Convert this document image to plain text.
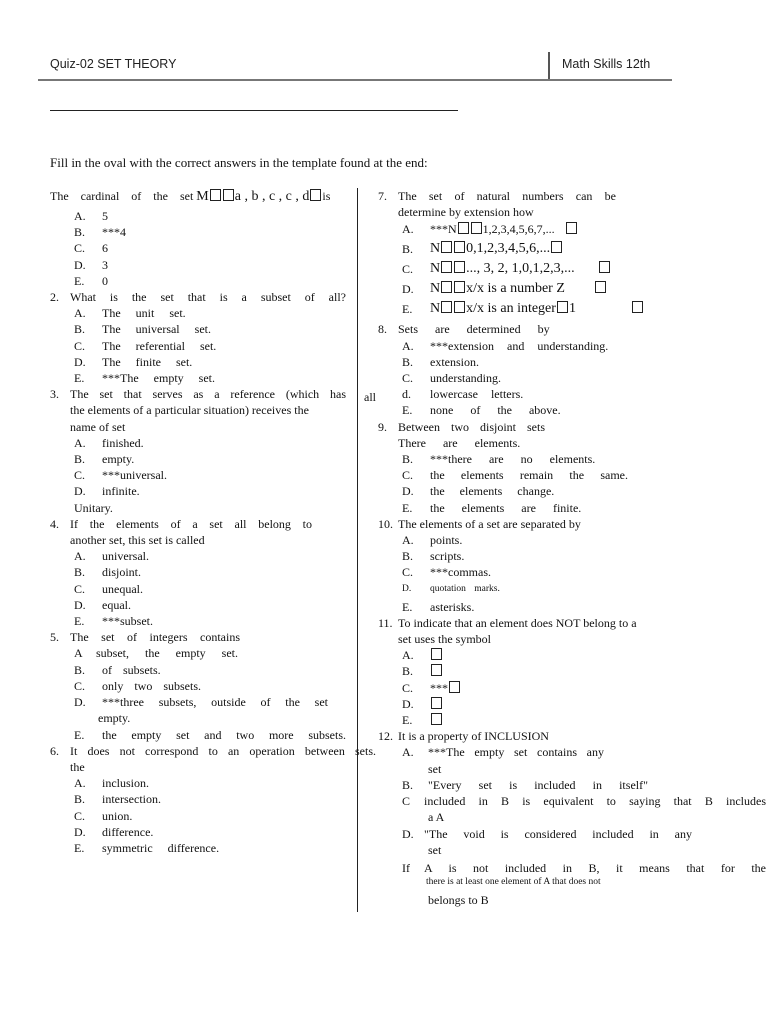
Quiz-02 SET THEORY	Math Skills 12th
Fill in the oval with the correct answers in the template found at the end:
The cardinal of the set M a , b , c , c , d is
A. 5
B. ***4
C. 6
D. 3
E. 0
2. What is the set that is a subset of all?
A. The unit set.
B. The universal set.
C. The referential set.
D. The finite set.
E. ***The empty set.
3. The set that serves as a reference (which has
the elements of a particular situation) receives the
name of set
A. finished.
B. empty.
C. ***universal.
D. infinite.
Unitary.
4. If the elements of a set all belong to
another set, this set is called
A. universal.
B. disjoint.
C. unequal.
D. equal.
E. ***subset.
5. The set of integers contains
A subset, the empty set.
B. of subsets.
C. only two subsets.
D. ***three subsets, outside of the set
empty.
E. the empty set and two more subsets.
6. It does not correspond to an operation between sets.
the
A. inclusion.
B. intersection.
C. union.
D. difference.
E. symmetric difference.
all
7. The set of natural numbers can be
determine by extension how
A. ***N 1,2,3,4,5,6,7,...
B. N 0,1,2,3,4,5,6,...
C. N ..., 3, 2, 1,0,1,2,3,...
D. N x/x is a number Z
E. N x/x is an integer 1
8. Sets are determined by
A. ***extension and understanding.
B. extension.
C. understanding.
d. lowercase letters.
E. none of the above.
9. Between two disjoint sets
There are elements.
B. ***there are no elements.
C. the elements remain the same.
D. the elements change.
E. the elements are finite.
10. The elements of a set are separated by
A. points.
B. scripts.
C. ***commas.
D. quotation marks.
E. asterisks.
11. To indicate that an element does NOT belong to a
set uses the symbol
A.
B.
C. ***
D.
E.
12. It is a property of INCLUSION
A. ***The empty set contains any
set
B. "Every set is included in itself"
C included in B is equivalent to saying that B includes
a A
D. "The void is considered included in any
set
If A is not included in B, it means that for the
there is at least one element of A that does not
belongs to B
